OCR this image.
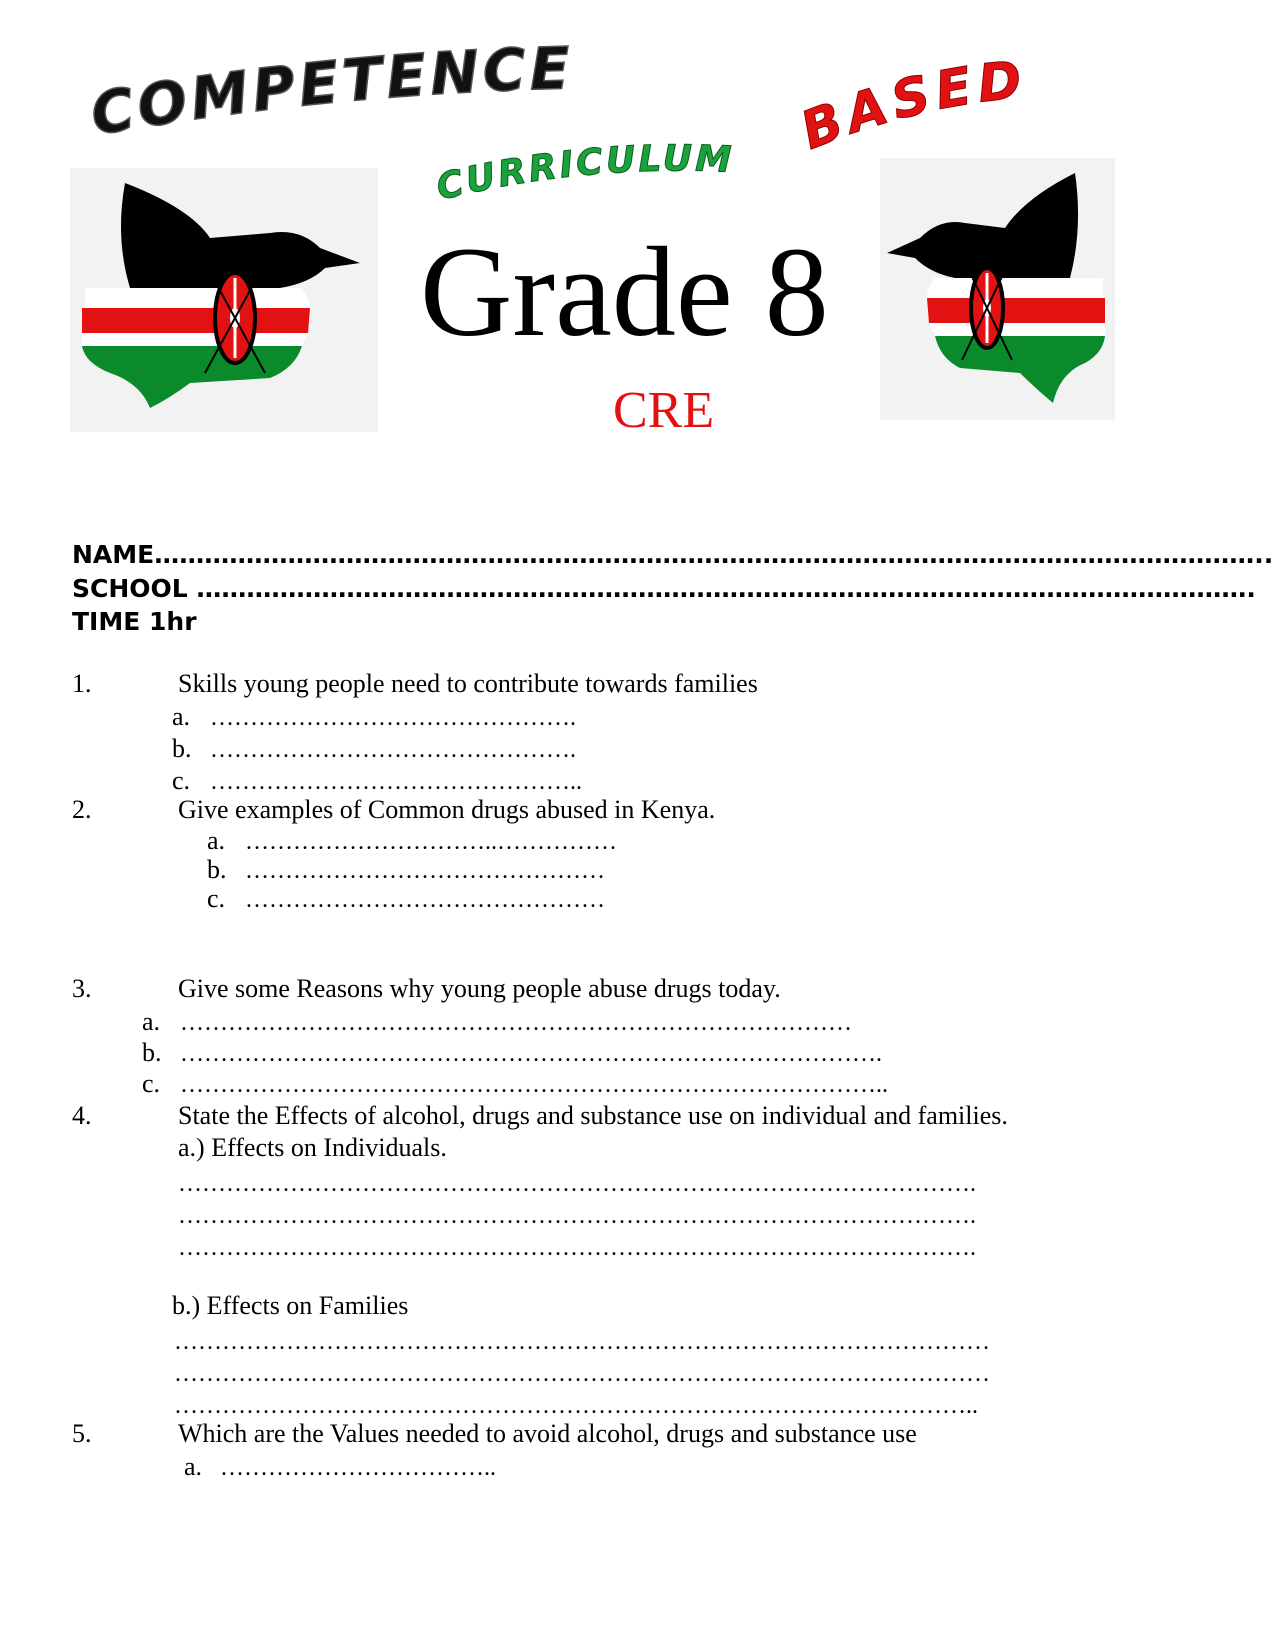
COMPETENCE
BASED
CURRICULUM
Grade 8
CRE
NAME……………………………………………………………………………………………………………………..
SCHOOL ……………………………………………………………………………………………………………….
TIME 1hr
1.	Skills young people need to contribute towards families
a. ……………………………………….
b. ……………………………………….
c. ………………………………………..
2.	Give examples of Common drugs abused in Kenya.
a. …………………………..……………
b. ………………………………………
c. ………………………………………
3.	Give some Reasons why young people abuse drugs today.
a. …………………………………………………………………………
b. …………………………………………………………………………….
c. ……………………………………………………………………………..
4.	State the Effects of alcohol, drugs and substance use on individual and families.
a.) Effects on Individuals.
……………………………………………………………………………………….
……………………………………………………………………………………….
……………………………………………………………………………………….
b.) Effects on Families
…………………………………………………………………………………………
…………………………………………………………………………………………
………………………………………………………………………………………..
5.	Which are the Values needed to avoid alcohol, drugs and substance use
a. ……………………………..
